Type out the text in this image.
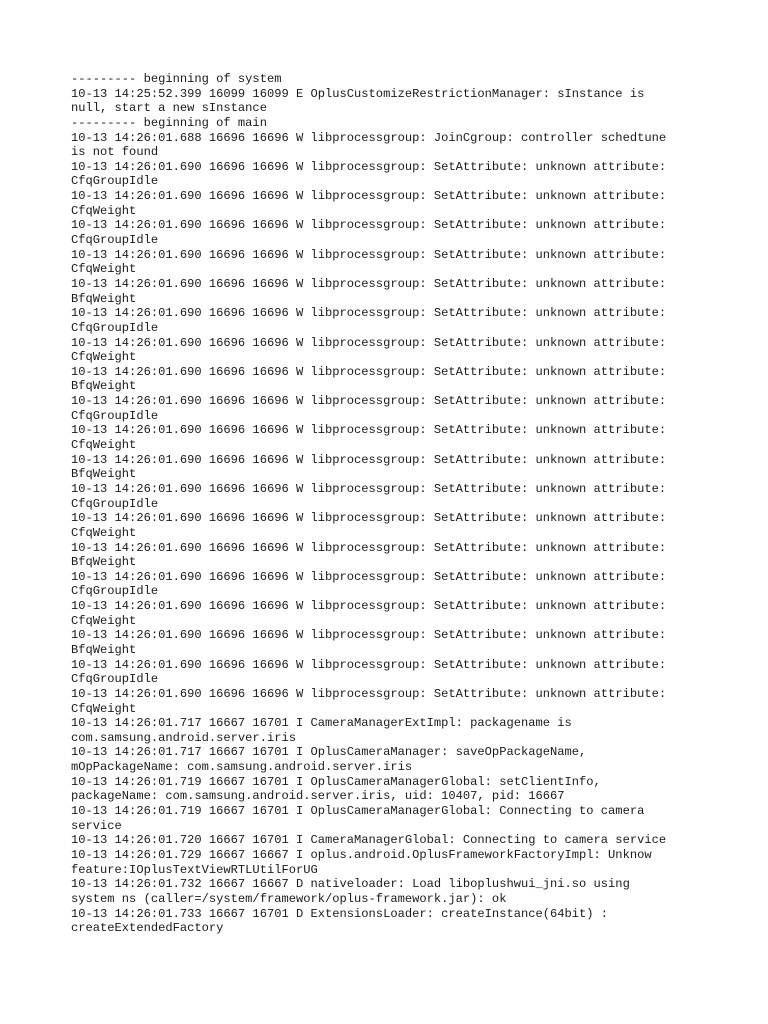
--------- beginning of system
10-13 14:25:52.399 16099 16099 E OplusCustomizeRestrictionManager: sInstance is
null, start a new sInstance
--------- beginning of main
10-13 14:26:01.688 16696 16696 W libprocessgroup: JoinCgroup: controller schedtune
is not found
10-13 14:26:01.690 16696 16696 W libprocessgroup: SetAttribute: unknown attribute:
CfqGroupIdle
10-13 14:26:01.690 16696 16696 W libprocessgroup: SetAttribute: unknown attribute:
CfqWeight
10-13 14:26:01.690 16696 16696 W libprocessgroup: SetAttribute: unknown attribute:
CfqGroupIdle
10-13 14:26:01.690 16696 16696 W libprocessgroup: SetAttribute: unknown attribute:
CfqWeight
10-13 14:26:01.690 16696 16696 W libprocessgroup: SetAttribute: unknown attribute:
BfqWeight
10-13 14:26:01.690 16696 16696 W libprocessgroup: SetAttribute: unknown attribute:
CfqGroupIdle
10-13 14:26:01.690 16696 16696 W libprocessgroup: SetAttribute: unknown attribute:
CfqWeight
10-13 14:26:01.690 16696 16696 W libprocessgroup: SetAttribute: unknown attribute:
BfqWeight
10-13 14:26:01.690 16696 16696 W libprocessgroup: SetAttribute: unknown attribute:
CfqGroupIdle
10-13 14:26:01.690 16696 16696 W libprocessgroup: SetAttribute: unknown attribute:
CfqWeight
10-13 14:26:01.690 16696 16696 W libprocessgroup: SetAttribute: unknown attribute:
BfqWeight
10-13 14:26:01.690 16696 16696 W libprocessgroup: SetAttribute: unknown attribute:
CfqGroupIdle
10-13 14:26:01.690 16696 16696 W libprocessgroup: SetAttribute: unknown attribute:
CfqWeight
10-13 14:26:01.690 16696 16696 W libprocessgroup: SetAttribute: unknown attribute:
BfqWeight
10-13 14:26:01.690 16696 16696 W libprocessgroup: SetAttribute: unknown attribute:
CfqGroupIdle
10-13 14:26:01.690 16696 16696 W libprocessgroup: SetAttribute: unknown attribute:
CfqWeight
10-13 14:26:01.690 16696 16696 W libprocessgroup: SetAttribute: unknown attribute:
BfqWeight
10-13 14:26:01.690 16696 16696 W libprocessgroup: SetAttribute: unknown attribute:
CfqGroupIdle
10-13 14:26:01.690 16696 16696 W libprocessgroup: SetAttribute: unknown attribute:
CfqWeight
10-13 14:26:01.717 16667 16701 I CameraManagerExtImpl: packagename is
com.samsung.android.server.iris
10-13 14:26:01.717 16667 16701 I OplusCameraManager: saveOpPackageName,
mOpPackageName: com.samsung.android.server.iris
10-13 14:26:01.719 16667 16701 I OplusCameraManagerGlobal: setClientInfo,
packageName: com.samsung.android.server.iris, uid: 10407, pid: 16667
10-13 14:26:01.719 16667 16701 I OplusCameraManagerGlobal: Connecting to camera
service
10-13 14:26:01.720 16667 16701 I CameraManagerGlobal: Connecting to camera service
10-13 14:26:01.729 16667 16667 I oplus.android.OplusFrameworkFactoryImpl: Unknow
feature:IOplusTextViewRTLUtilForUG
10-13 14:26:01.732 16667 16667 D nativeloader: Load liboplushwui_jni.so using
system ns (caller=/system/framework/oplus-framework.jar): ok
10-13 14:26:01.733 16667 16701 D ExtensionsLoader: createInstance(64bit) :
createExtendedFactory
